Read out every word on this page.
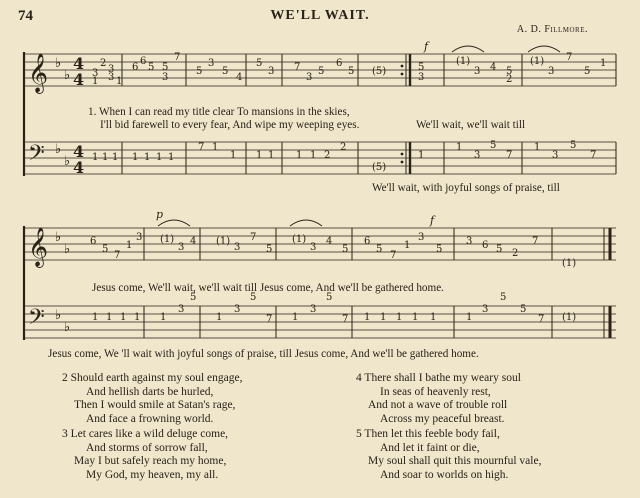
74	WE'LL WAIT.
A. D. Fillmore.
𝄞
𝄢
𝄞
𝄢
♭
♭
♭
♭
♭
♭
♭
♭
4
4
4
4
3
1
2
3
3 1
6
6
5 5
3
7
5
3
5
4
5
3 7
3
5
6
5 (5)	5
3
(1)
3 4 5
2
(1)
3
7
5
1
1 1 1 1 1 1 1
7 1
1 1 1 1 1 2
2
(5)
1
1
3
5
7
1
3
5
7
6
5
7
1
3 (1)
3
4 (1)
3
7
5
(1)
3
4
5
6
5
7
1
3
5
3 6 5 2
7
(1)
1 1 1 1 1
3
5
1
3
5
7 1
3
5
7 1 1 1 1 1	1
3
5
5
7 (1)
f
p	f
1. When I can read my title clear To mansions in the skies,
I'll bid farewell to every fear, And wipe my weeping eyes.	We'll wait, we'll wait till
We'll wait, with joyful songs of praise, till
Jesus come, We'll wait, we'll wait till Jesus come, And we'll be gathered home.
Jesus come, We 'll wait with joyful songs of praise, till Jesus come, And we'll be gathered home.
2 Should earth against my soul engage,
And hellish darts be hurled,
Then I would smile at Satan's rage,
And face a frowning world.
3 Let cares like a wild deluge come,
And storms of sorrow fall,
May I but safely reach my home,
My God, my heaven, my all.
4 There shall I bathe my weary soul
In seas of heavenly rest,
And not a wave of trouble roll
Across my peaceful breast.
5 Then let this feeble body fail,
And let it faint or die,
My soul shall quit this mournful vale,
And soar to worlds on high.
